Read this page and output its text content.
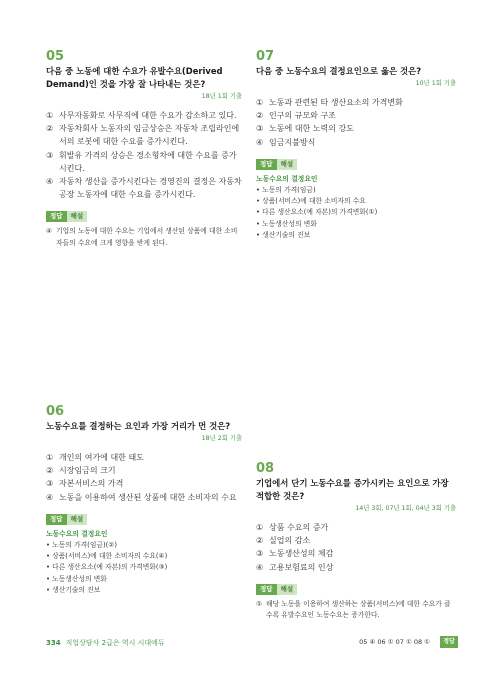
05
다음 중 노동에 대한 수요가 유발수요(Derived Demand)인 것을 가장 잘 나타내는 것은?
18년 1회 기출
① 사무자동화로 사무직에 대한 수요가 감소하고 있다.
② 자동차회사 노동자의 임금상승은 자동차 조립라인에서의 로봇에 대한 수요를 증가시킨다.
③ 휘발유 가격의 상승은 경소형차에 대한 수요를 증가시킨다.
④ 자동차 생산을 증가시킨다는 경영진의 결정은 자동차공장 노동자에 대한 수요를 증가시킨다.
정답	해설
④ 기업의 노동에 대한 수요는 기업에서 생산된 상품에 대한 소비자들의 수요에 크게 영향을 받게 된다.
07
다음 중 노동수요의 결정요인으로 옳은 것은?
10년 1회 기출
① 노동과 관련된 타 생산요소의 가격변화
② 인구의 규모와 구조
③ 노동에 대한 노력의 강도
④ 임금지불방식
정답	해설
노동수요의 결정요인
• 노동의 가격(임금)
• 상품(서비스)에 대한 소비자의 수요
• 다른 생산요소(예 자본)의 가격변화(①)
• 노동생산성의 변화
• 생산기술의 진보
06
노동수요를 결정하는 요인과 가장 거리가 먼 것은?
18년 2회 기출
① 개인의 여가에 대한 태도
② 시장임금의 크기
③ 자본서비스의 가격
④ 노동을 이용하여 생산된 상품에 대한 소비자의 수요
정답	해설
노동수요의 결정요인
• 노동의 가격(임금)(②)
• 상품(서비스)에 대한 소비자의 수요(④)
• 다른 생산요소(예 자본)의 가격변화(③)
• 노동생산성의 변화
• 생산기술의 진보
08
기업에서 단기 노동수요를 증가시키는 요인으로 가장 적합한 것은?
14년 3회, 07년 1회, 04년 3회 기출
① 상품 수요의 증가
② 실업의 감소
③ 노동생산성의 체감
④ 고용보험료의 인상
정답	해설
① 해당 노동을 이용하여 생산하는 상품(서비스)에 대한 수요가 클수록 유발수요인 노동수요는 증가한다.
334 직업상담사 2급은 역시 시대에듀	05 ④ 06 ① 07 ① 08 ①	정답
